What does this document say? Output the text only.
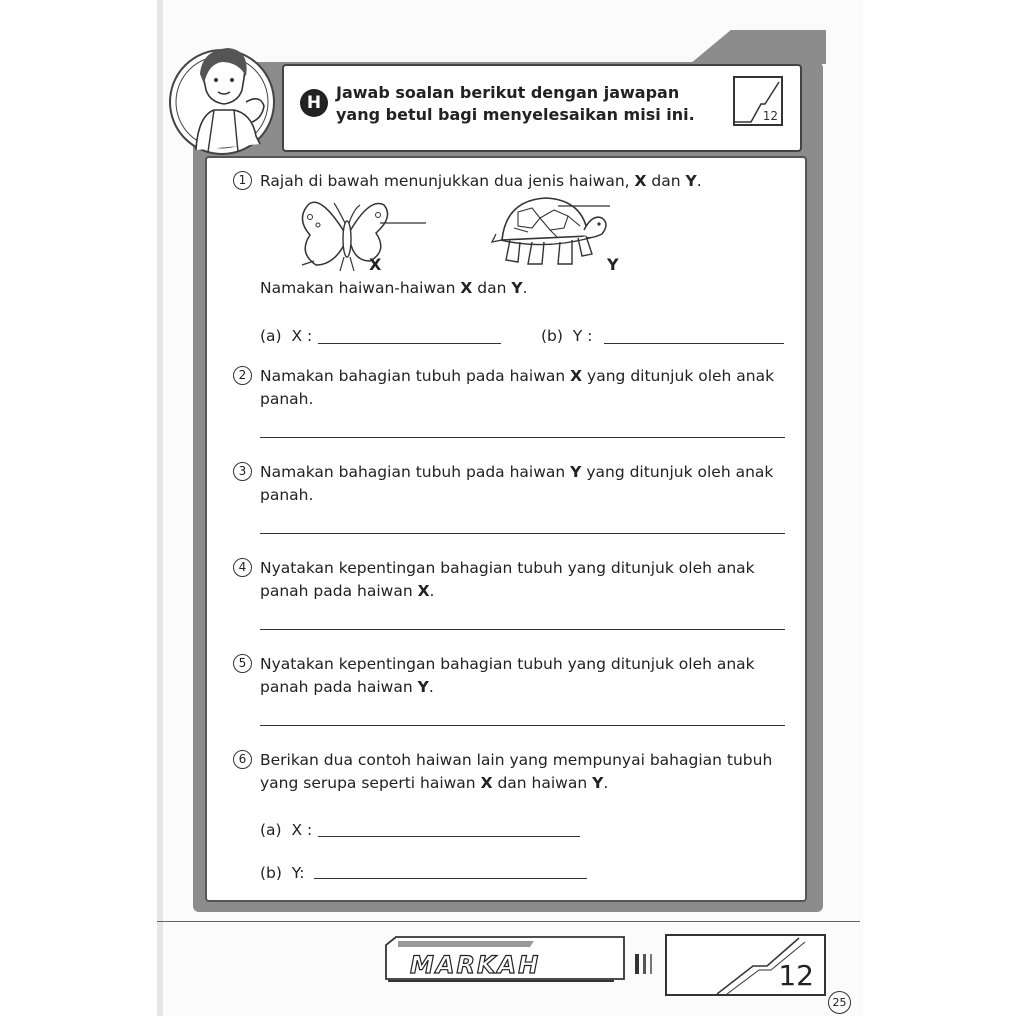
H
Jawab soalan berikut dengan jawapan yang betul bagi menyelesaikan misi ini.	12
1 Rajah di bawah menunjukkan dua jenis haiwan, X dan Y.
X	Y
Namakan haiwan-haiwan X dan Y.
(a) X :	(b) Y :
2 Namakan bahagian tubuh pada haiwan X yang ditunjuk oleh anak panah.
3 Namakan bahagian tubuh pada haiwan Y yang ditunjuk oleh anak panah.
4 Nyatakan kepentingan bahagian tubuh yang ditunjuk oleh anak panah pada haiwan X.
5 Nyatakan kepentingan bahagian tubuh yang ditunjuk oleh anak panah pada haiwan Y.
6 Berikan dua contoh haiwan lain yang mempunyai bahagian tubuh yang serupa seperti haiwan X dan haiwan Y.
(a) X :
(b) Y:
MARKAH	12
25
